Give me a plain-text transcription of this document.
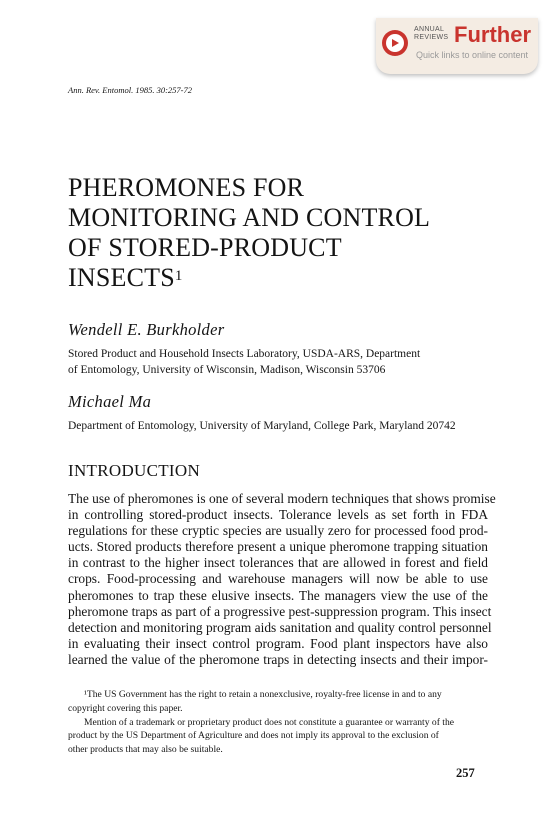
ANNUAL
REVIEWS Further
Quick links to online content
Ann. Rev. Entomol. 1985. 30:257-72
PHEROMONES FOR
MONITORING AND CONTROL
OF STORED-PRODUCT
INSECTS$^1$
Wendell E. Burkholder
Stored Product and Household Insects Laboratory, USDA-ARS, Department
of Entomology, University of Wisconsin, Madison, Wisconsin 53706
Michael Ma
Department of Entomology, University of Maryland, College Park, Maryland 20742
INTRODUCTION
The use of pheromones is one of several modern techniques that shows promise
in controlling stored-product insects. Tolerance levels as set forth in FDA
regulations for these cryptic species are usually zero for processed food prod-
ucts. Stored products therefore present a unique pheromone trapping situation
in contrast to the higher insect tolerances that are allowed in forest and field
crops. Food-processing and warehouse managers will now be able to use
pheromones to trap these elusive insects. The managers view the use of the
pheromone traps as part of a progressive pest-suppression program. This insect
detection and monitoring program aids sanitation and quality control personnel
in evaluating their insect control program. Food plant inspectors have also
learned the value of the pheromone traps in detecting insects and their impor-
¹The US Government has the right to retain a nonexclusive, royalty-free license in and to any
copyright covering this paper.
Mention of a trademark or proprietary product does not constitute a guarantee or warranty of the
product by the US Department of Agriculture and does not imply its approval to the exclusion of
other products that may also be suitable.
257
